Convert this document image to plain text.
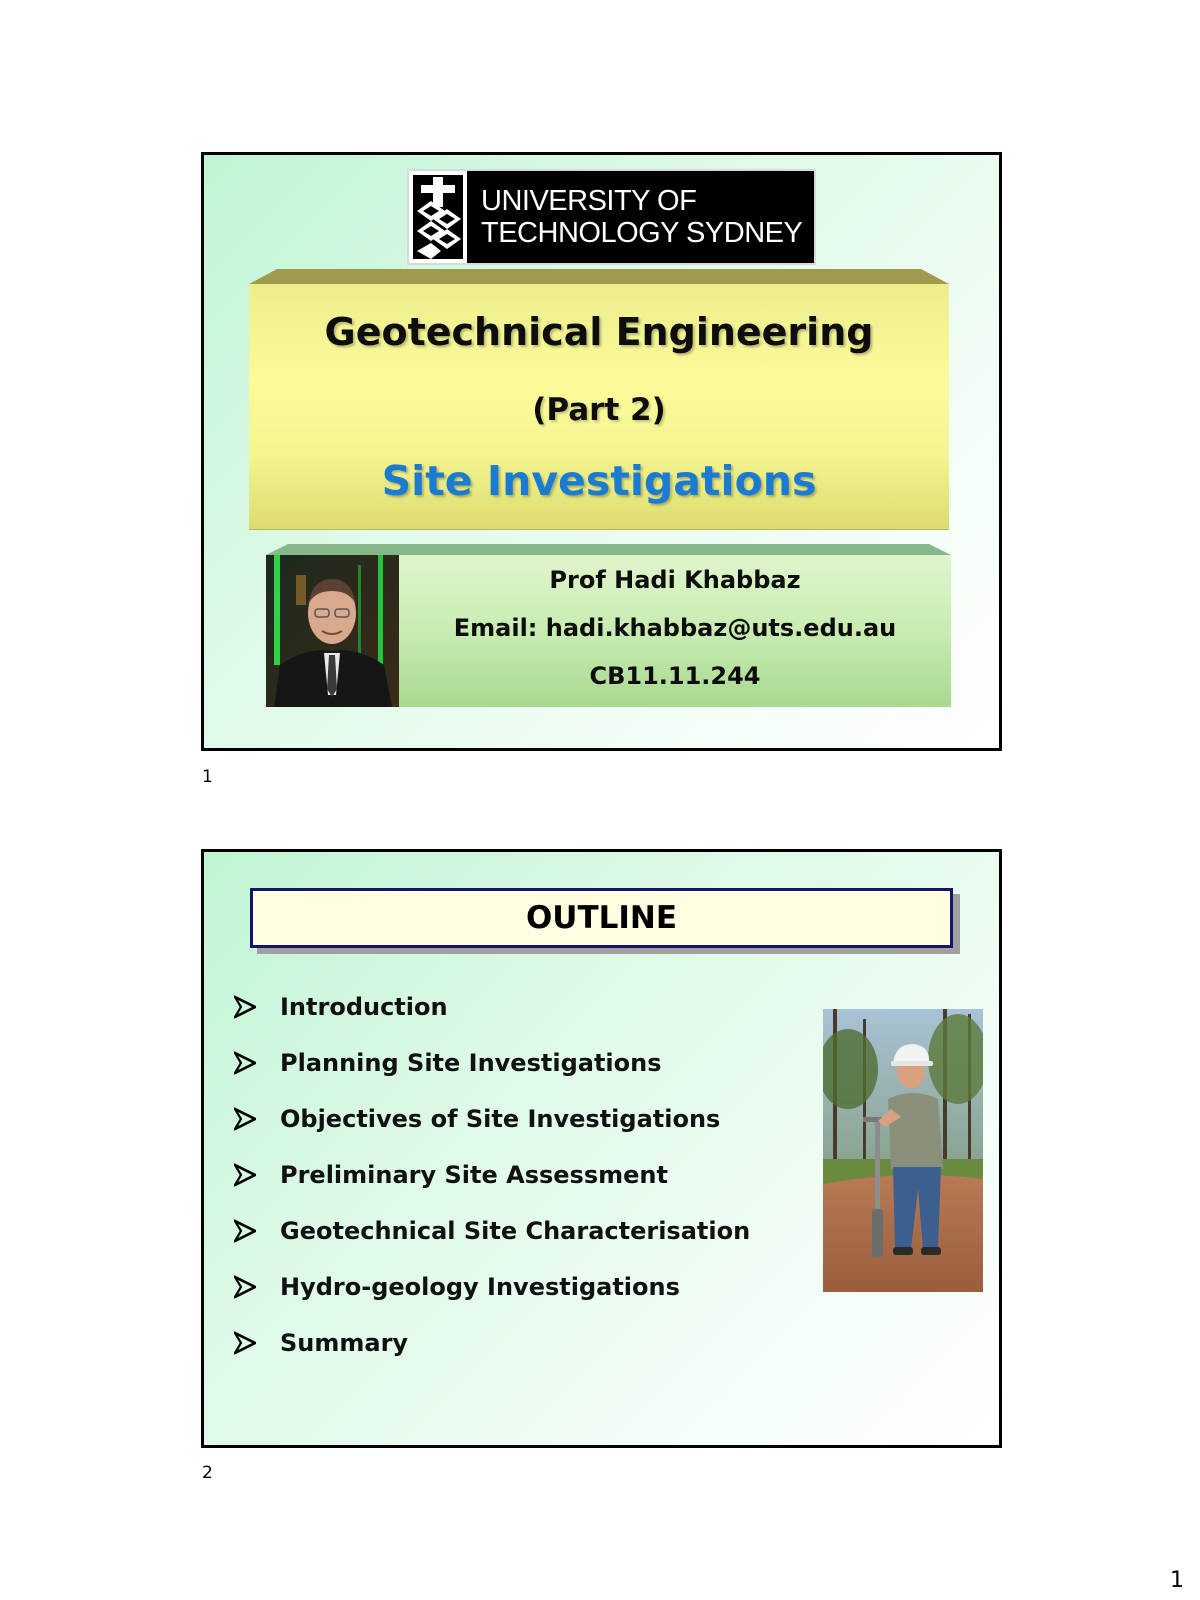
UNIVERSITY OF
TECHNOLOGY SYDNEY
Geotechnical Engineering
(Part 2)
Site Investigations
Prof Hadi Khabbaz
Email: hadi.khabbaz@uts.edu.au
CB11.11.244
1
OUTLINE
Introduction
Planning Site Investigations
Objectives of Site Investigations
Preliminary Site Assessment
Geotechnical Site Characterisation
Hydro-geology Investigations
Summary
2
1
